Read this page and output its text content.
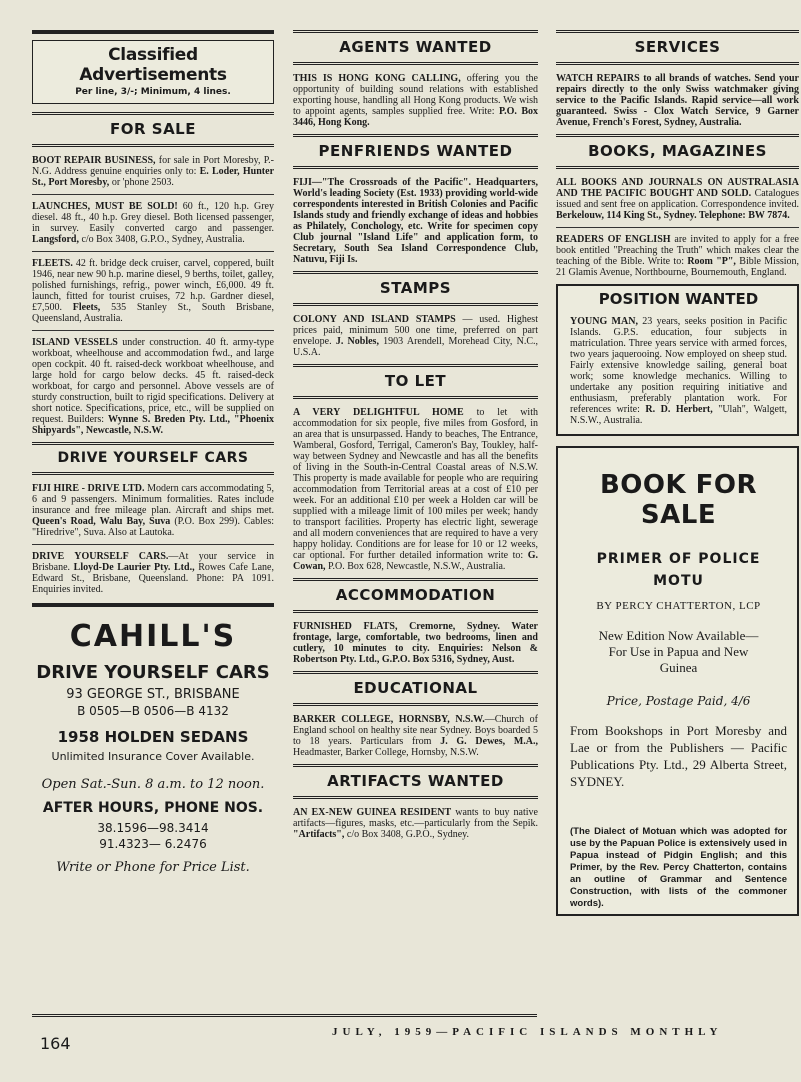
Classified Advertisements
Per line, 3/-; Minimum, 4 lines.
FOR SALE

BOOT REPAIR BUSINESS, for sale in Port Moresby, P.-N.G. Address genuine enquiries only to: E. Loder, Hunter St., Port Moresby, or 'phone 2503.

LAUNCHES, MUST BE SOLD! 60 ft., 120 h.p. Grey diesel. 48 ft., 40 h.p. Grey diesel. Both licensed passenger, in survey. Easily converted cargo and passenger. Langsford, c/o Box 3408, G.P.O., Sydney, Australia.

FLEETS. 42 ft. bridge deck cruiser, carvel, coppered, built 1946, near new 90 h.p. marine diesel, 9 berths, toilet, galley, polished furnishings, refrig., power winch, £6,000. 49 ft. launch, fitted for tourist cruises, 72 h.p. Gardner diesel, £7,500. Fleets, 535 Stanley St., South Brisbane, Queensland, Australia.

ISLAND VESSELS under construction. 40 ft. army-type workboat, wheelhouse and accommodation fwd., and large open cockpit. 40 ft. raised-deck workboat wheelhouse, and large hold for cargo below decks. 45 ft. raised-deck workboat, for cargo and personnel. Above vessels are of sturdy construction, built to rigid specifications. Delivery at short notice. Specifications, price, etc., will be supplied on request. Builders: Wynne S. Breden Pty. Ltd., "Phoenix Shipyards", Newcastle, N.S.W.

DRIVE YOURSELF CARS

FIJI HIRE - DRIVE LTD. Modern cars accommodating 5, 6 and 9 passengers. Minimum formalities. Rates include insurance and free mileage plan. Aircraft and ships met. Queen's Road, Walu Bay, Suva (P.O. Box 299). Cables: "Hiredrive", Suva. Also at Lautoka.

DRIVE YOURSELF CARS.—At your service in Brisbane. Lloyd-De Laurier Pty. Ltd., Rowes Cafe Lane, Edward St., Brisbane, Queensland. Phone: PA 1091. Enquiries invited.

CAHILL'S
DRIVE YOURSELF CARS
93 GEORGE ST., BRISBANE
B 0505—B 0506—B 4132
1958 HOLDEN SEDANS
Unlimited Insurance Cover Available.
Open Sat.-Sun. 8 a.m. to 12 noon.
AFTER HOURS, PHONE NOS.
38.1596—98.3414
91.4323— 6.2476
Write or Phone for Price List.
AGENTS WANTED

THIS IS HONG KONG CALLING, offering you the opportunity of building sound relations with established exporting house, handling all Hong Kong products. We wish to appoint agents, samples supplied free. Write: P.O. Box 3446, Hong Kong.

PENFRIENDS WANTED

FIJI—"The Crossroads of the Pacific". Headquarters, World's leading Society (Est. 1933) providing world-wide correspondents interested in British Colonies and Pacific Islands study and friendly exchange of ideas and hobbies as Philately, Conchology, etc. Write for specimen copy Club journal "Island Life" and application form, to Secretary, South Sea Island Correspondence Club, Natuvu, Fiji Is.

STAMPS

COLONY AND ISLAND STAMPS — used. Highest prices paid, minimum 500 one time, preferred on part envelope. J. Nobles, 1903 Arendell, Morehead City, N.C., U.S.A.

TO LET

A VERY DELIGHTFUL HOME to let with accommodation for six people, five miles from Gosford, in an area that is unsurpassed. Handy to beaches, The Entrance, Wamberal, Gosford, Terrigal, Cameron's Bay, Toukley, half-way between Sydney and Newcastle and has all the benefits of living in the South-in-Central Coastal areas of N.S.W. This property is made available for people who are requiring accommodation from Territorial areas at a cost of £10 per week. For an additional £10 per week a Holden car will be supplied with a mileage limit of 100 miles per week; handy to transport facilities. Property has electric light, sewerage and all modern conveniences that are required to have a very happy holiday. Conditions are for lease for 10 or 12 weeks, car optional. For further detailed information write to: G. Cowan, P.O. Box 628, Newcastle, N.S.W., Australia.

ACCOMMODATION

FURNISHED FLATS, Cremorne, Sydney. Water frontage, large, comfortable, two bedrooms, linen and cutlery, 10 minutes to city. Enquiries: Nelson & Robertson Pty. Ltd., G.P.O. Box 5316, Sydney, Aust.

EDUCATIONAL

BARKER COLLEGE, HORNSBY, N.S.W.—Church of England school on healthy site near Sydney. Boys boarded 5 to 18 years. Particulars from J. G. Dewes, M.A., Headmaster, Barker College, Hornsby, N.S.W.

ARTIFACTS WANTED

AN EX-NEW GUINEA RESIDENT wants to buy native artifacts—figures, masks, etc.—particularly from the Sepik. "Artifacts", c/o Box 3408, G.P.O., Sydney.

SERVICES

WATCH REPAIRS to all brands of watches. Send your repairs directly to the only Swiss watchmaker giving service to the Pacific Islands. Rapid service—all work guaranteed. Swiss - Clox Watch Service, 9 Garner Avenue, French's Forest, Sydney, Australia.

BOOKS, MAGAZINES

ALL BOOKS AND JOURNALS ON AUSTRALASIA AND THE PACIFIC BOUGHT AND SOLD. Catalogues issued and sent free on application. Correspondence invited. Berkelouw, 114 King St., Sydney. Telephone: BW 7874.

READERS OF ENGLISH are invited to apply for a free book entitled "Preaching the Truth" which makes clear the teaching of the Bible. Write to: Room "P", Bible Mission, 21 Glamis Avenue, Northbourne, Bournemouth, England.

POSITION WANTED

YOUNG MAN, 23 years, seeks position in Pacific Islands. G.P.S. education, four subjects in matriculation. Three years service with armed forces, two years jaquerooing. Now employed on sheep stud. Fairly extensive knowledge sailing, general boat work; some knowledge mechanics. Willing to undertake any position requiring initiative and enthusiasm, preferably plantation work. For references write: R. D. Herbert, "Ulah", Walgett, N.S.W., Australia.

BOOK FOR SALE
PRIMER OF POLICE
MOTU
BY PERCY CHATTERTON, LCP
New Edition Now Available—
For Use in Papua and New
Guinea
Price, Postage Paid, 4/6
From Bookshops in Port Moresby and Lae or from the Publishers — Pacific Publications Pty. Ltd., 29 Alberta Street, SYDNEY.
(The Dialect of Motuan which was adopted for use by the Papuan Police is extensively used in Papua instead of Pidgin English; and this Primer, by the Rev. Percy Chatterton, contains an outline of Grammar and Sentence Construction, with lists of the commoner words).
164
JULY, 1959—PACIFIC ISLANDS MONTHLY
